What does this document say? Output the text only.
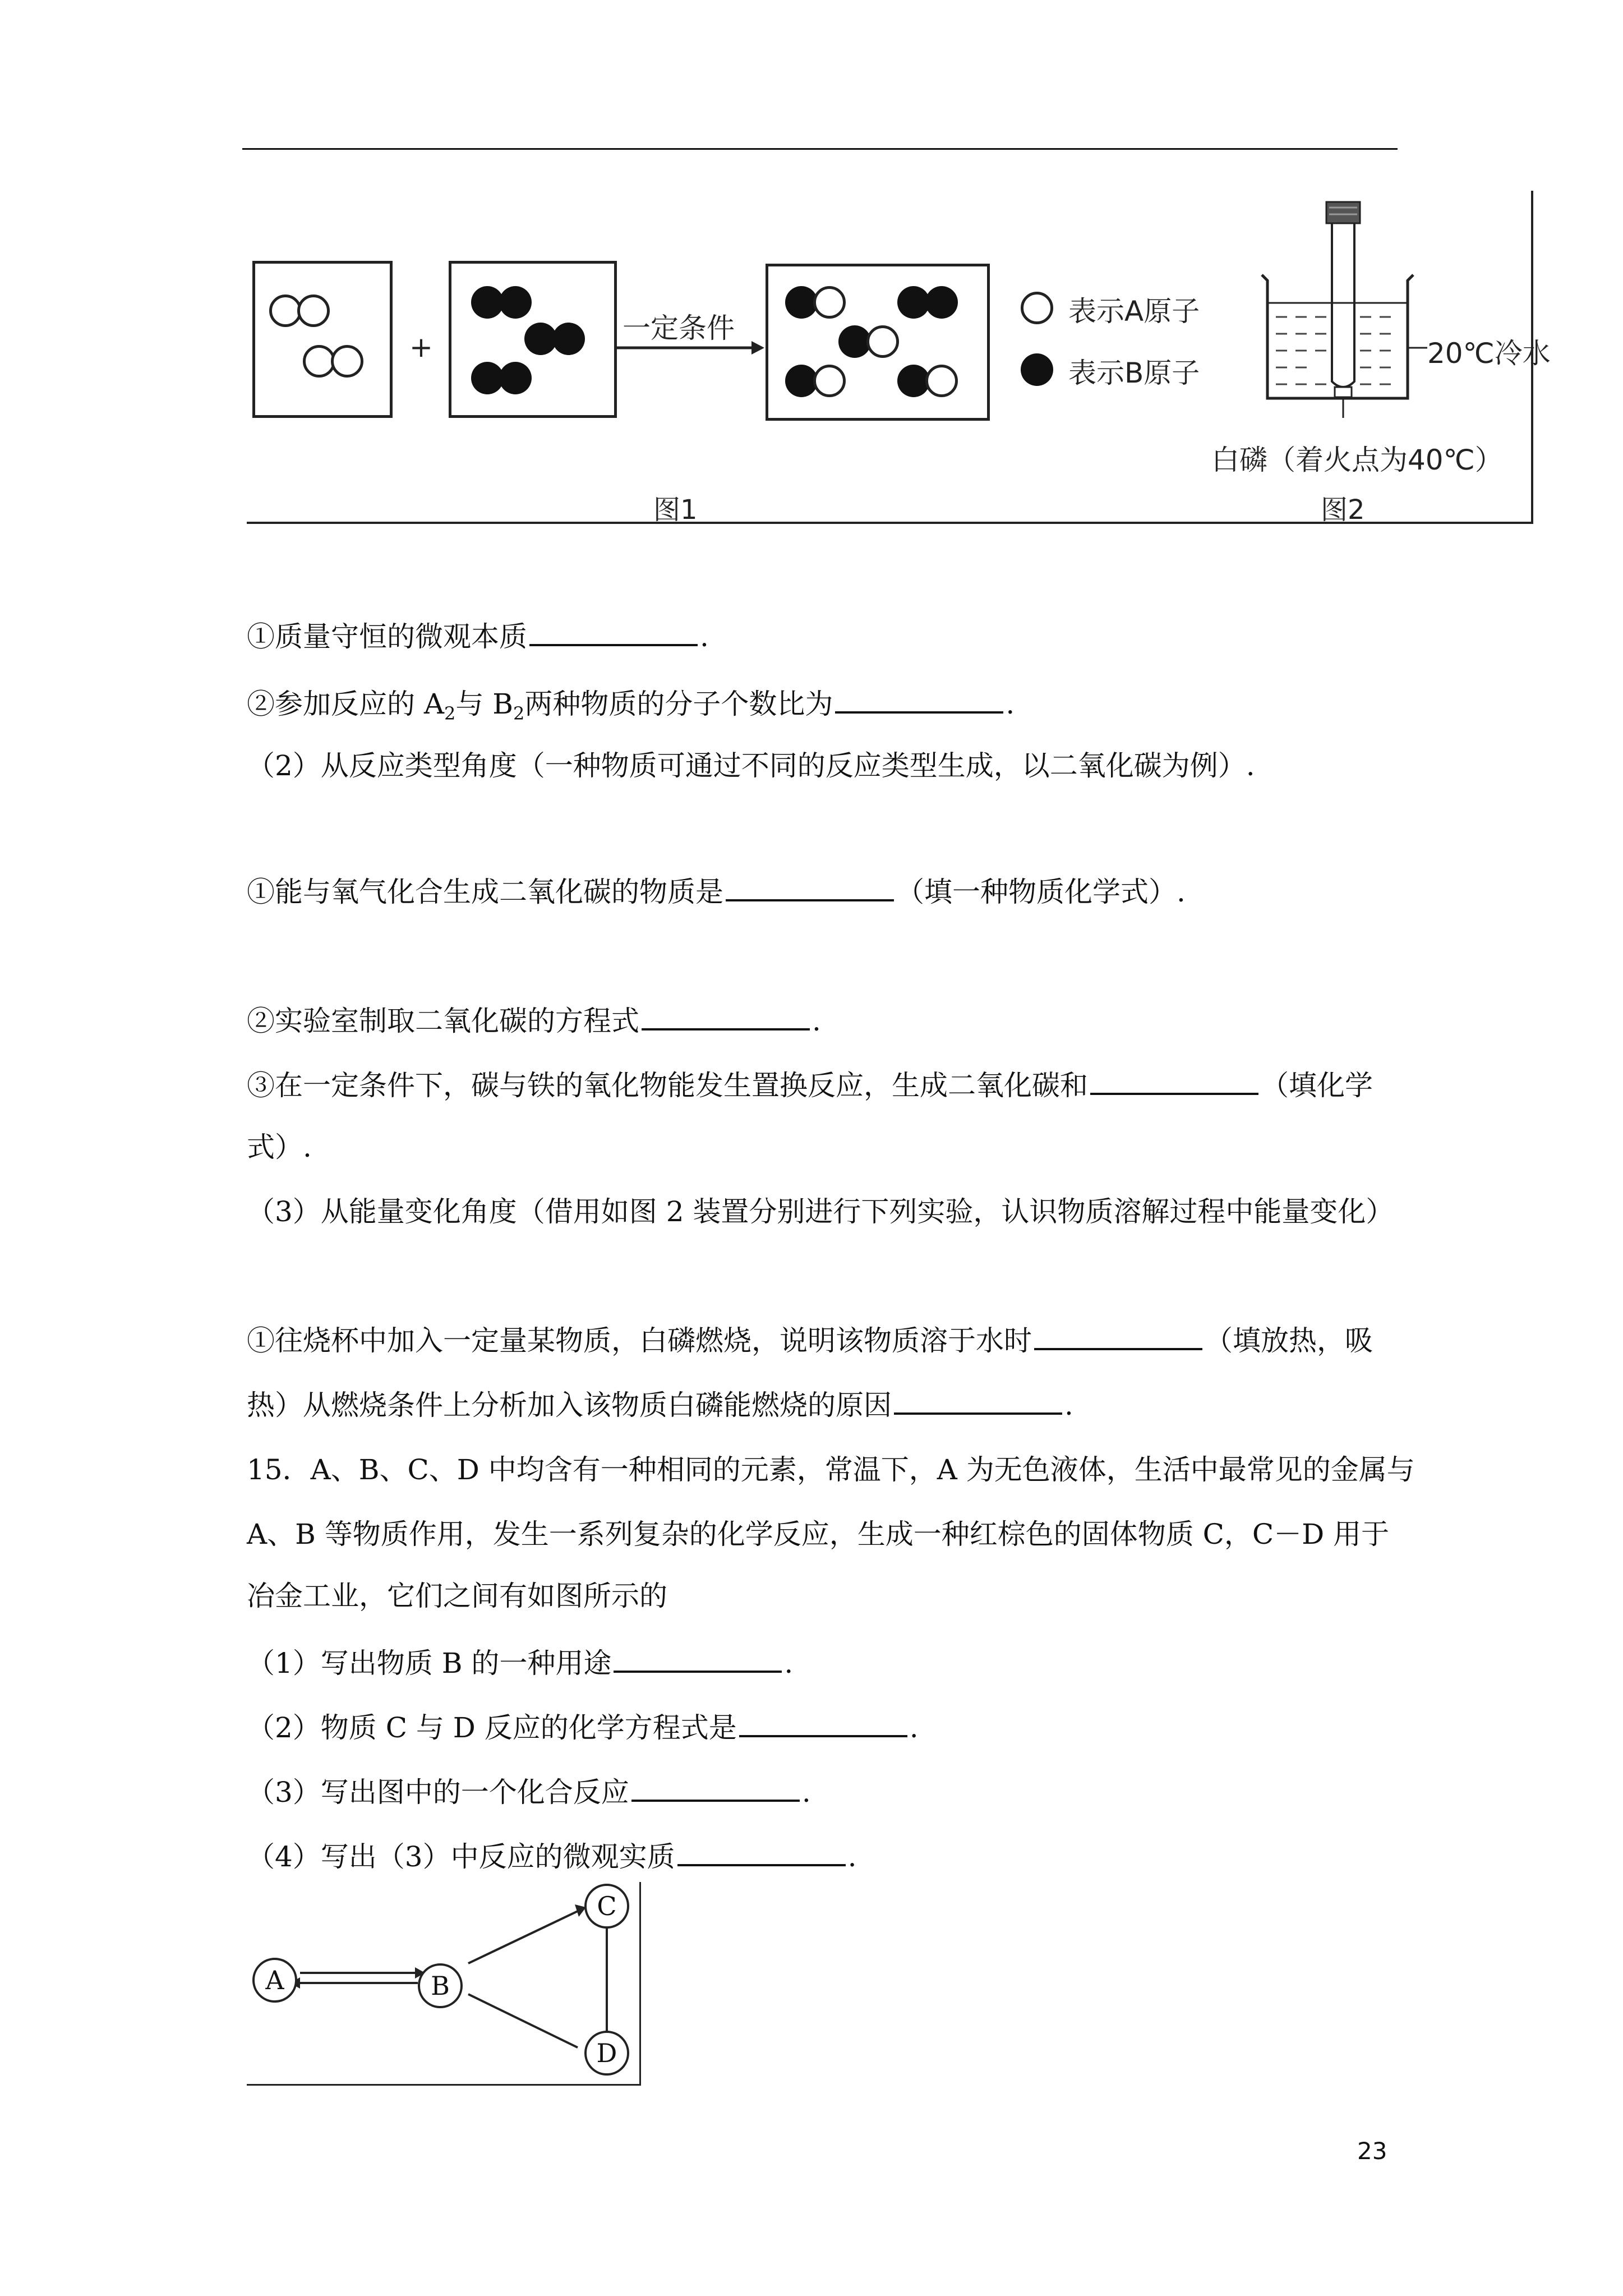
+
一定条件
表示A原子
表示B原子
20℃冷水
白磷（着火点为40℃）
图1	图2
①质量守恒的微观本质	.
②参加反应的 $A_2$与 $B_2$两种物质的分子个数比为	.
（2）从反应类型角度（一种物质可通过不同的反应类型生成，以二氧化碳为例）.
①能与氧气化合生成二氧化碳的物质是	（填一种物质化学式）.
②实验室制取二氧化碳的方程式	.
③在一定条件下，碳与铁的氧化物能发生置换反应，生成二氧化碳和	（填化学
式）.
（3）从能量变化角度（借用如图 2 装置分别进行下列实验，认识物质溶解过程中能量变化）
①往烧杯中加入一定量某物质，白磷燃烧，说明该物质溶于水时	（填放热，吸
热）从燃烧条件上分析加入该物质白磷能燃烧的原因	.
15．A、B、C、D 中均含有一种相同的元素，常温下，A 为无色液体，生活中最常见的金属与
A、B 等物质作用，发生一系列复杂的化学反应，生成一种红棕色的固体物质 C，C－D 用于
冶金工业，它们之间有如图所示的
（1）写出物质 B 的一种用途	.
（2）物质 C 与 D 反应的化学方程式是	.
（3）写出图中的一个化合反应	.
（4）写出（3）中反应的微观实质	.
A	B
C
D
23
